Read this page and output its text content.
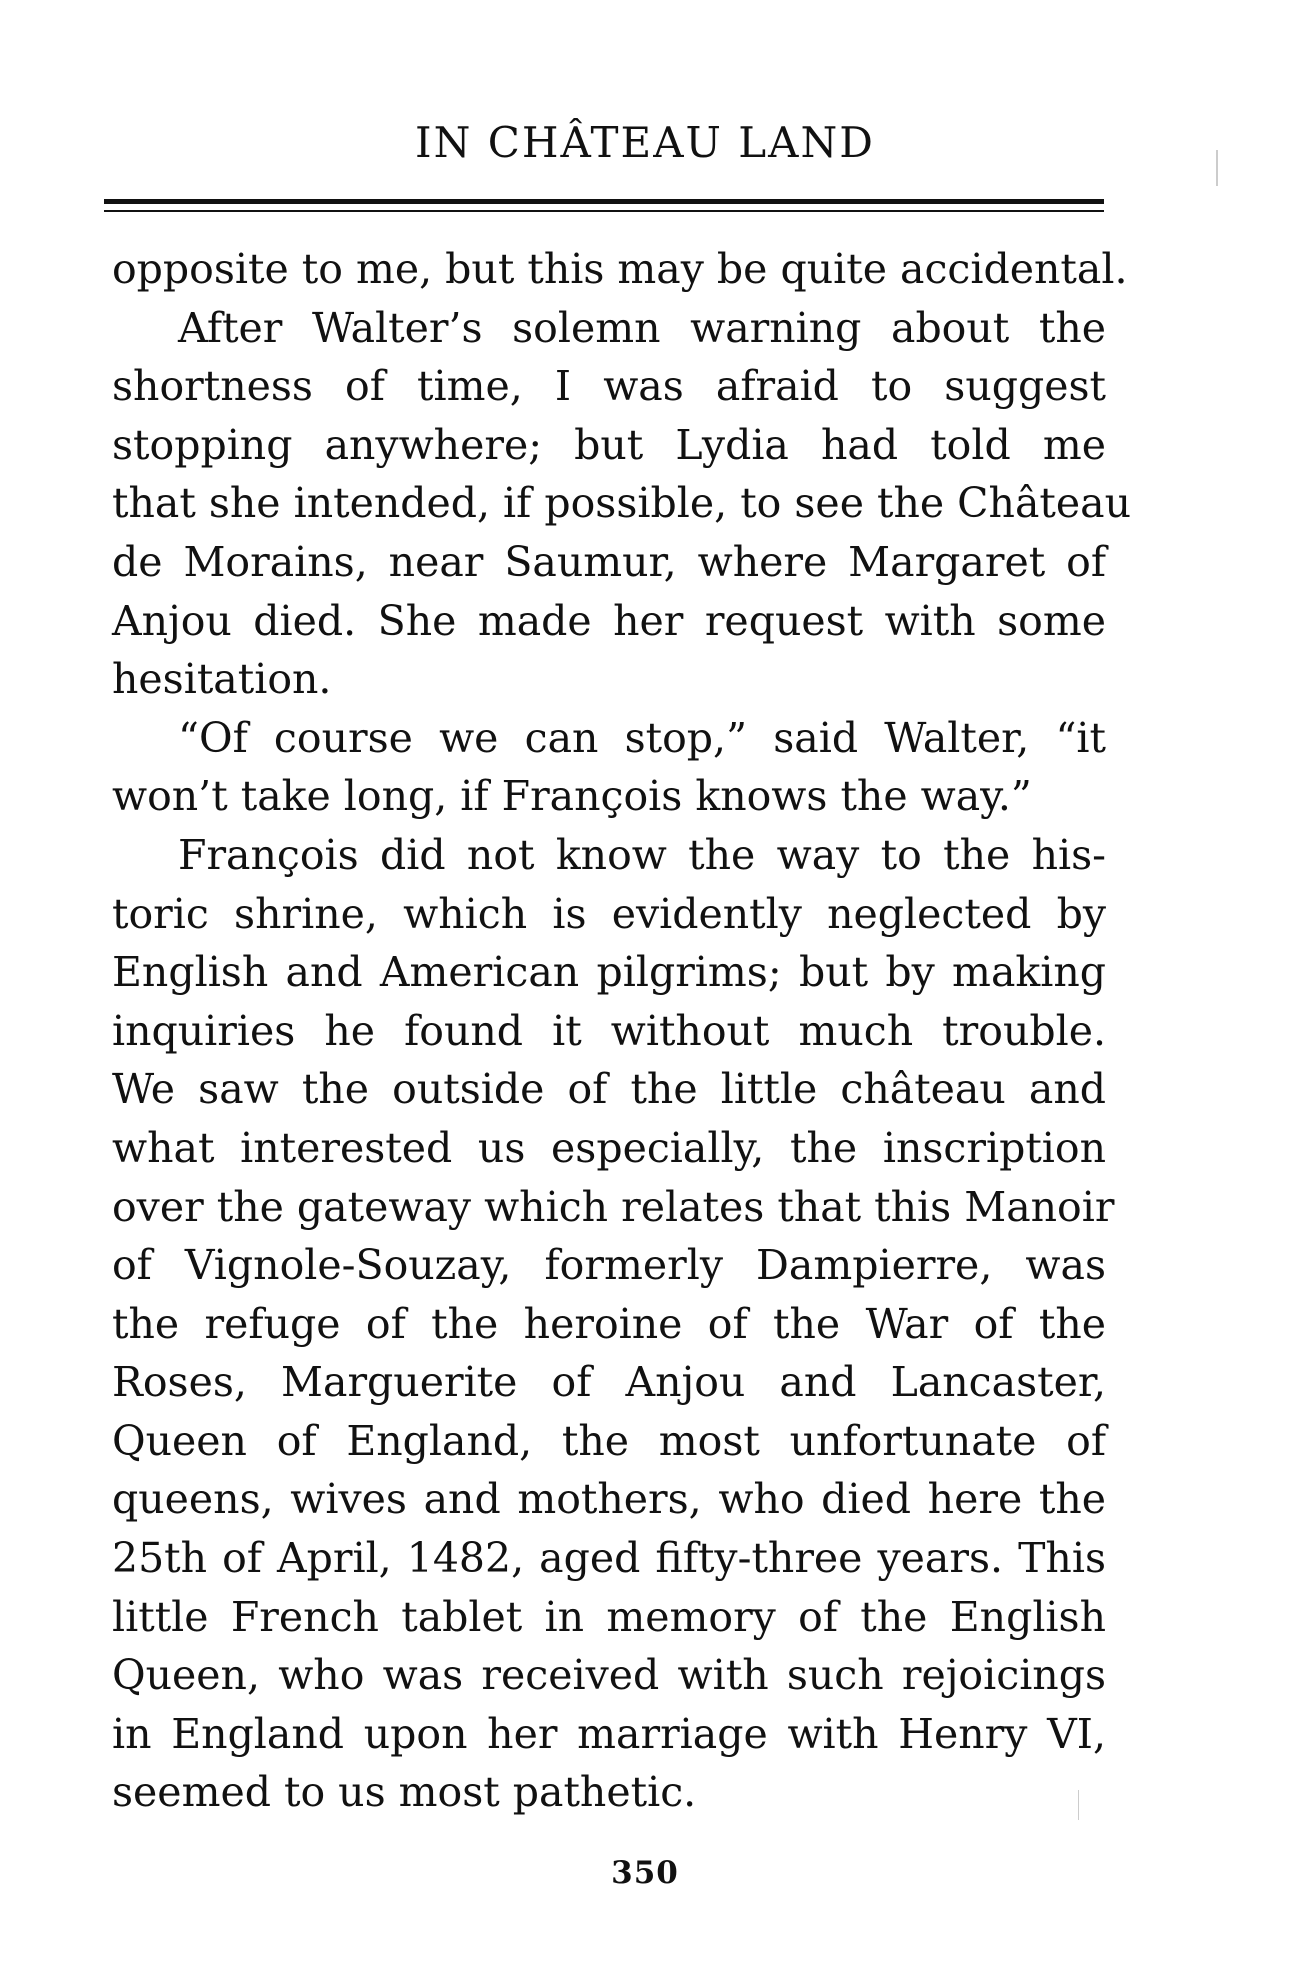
IN CHÂTEAU LAND
opposite to me, but this may be quite accidental.
After Walter’s solemn warning about the
shortness of time, I was afraid to suggest
stopping anywhere; but Lydia had told me
that she intended, if possible, to see the Château
de Morains, near Saumur, where Margaret of
Anjou died. She made her request with some
hesitation.
“Of course we can stop,” said Walter, “it
won’t take long, if François knows the way.”
François did not know the way to the his-
toric shrine, which is evidently neglected by
English and American pilgrims; but by making
inquiries he found it without much trouble.
We saw the outside of the little château and
what interested us especially, the inscription
over the gateway which relates that this Manoir
of Vignole-Souzay, formerly Dampierre, was
the refuge of the heroine of the War of the
Roses, Marguerite of Anjou and Lancaster,
Queen of England, the most unfortunate of
queens, wives and mothers, who died here the
25th of April, 1482, aged fifty-three years. This
little French tablet in memory of the English
Queen, who was received with such rejoicings
in England upon her marriage with Henry VI,
seemed to us most pathetic.
350
